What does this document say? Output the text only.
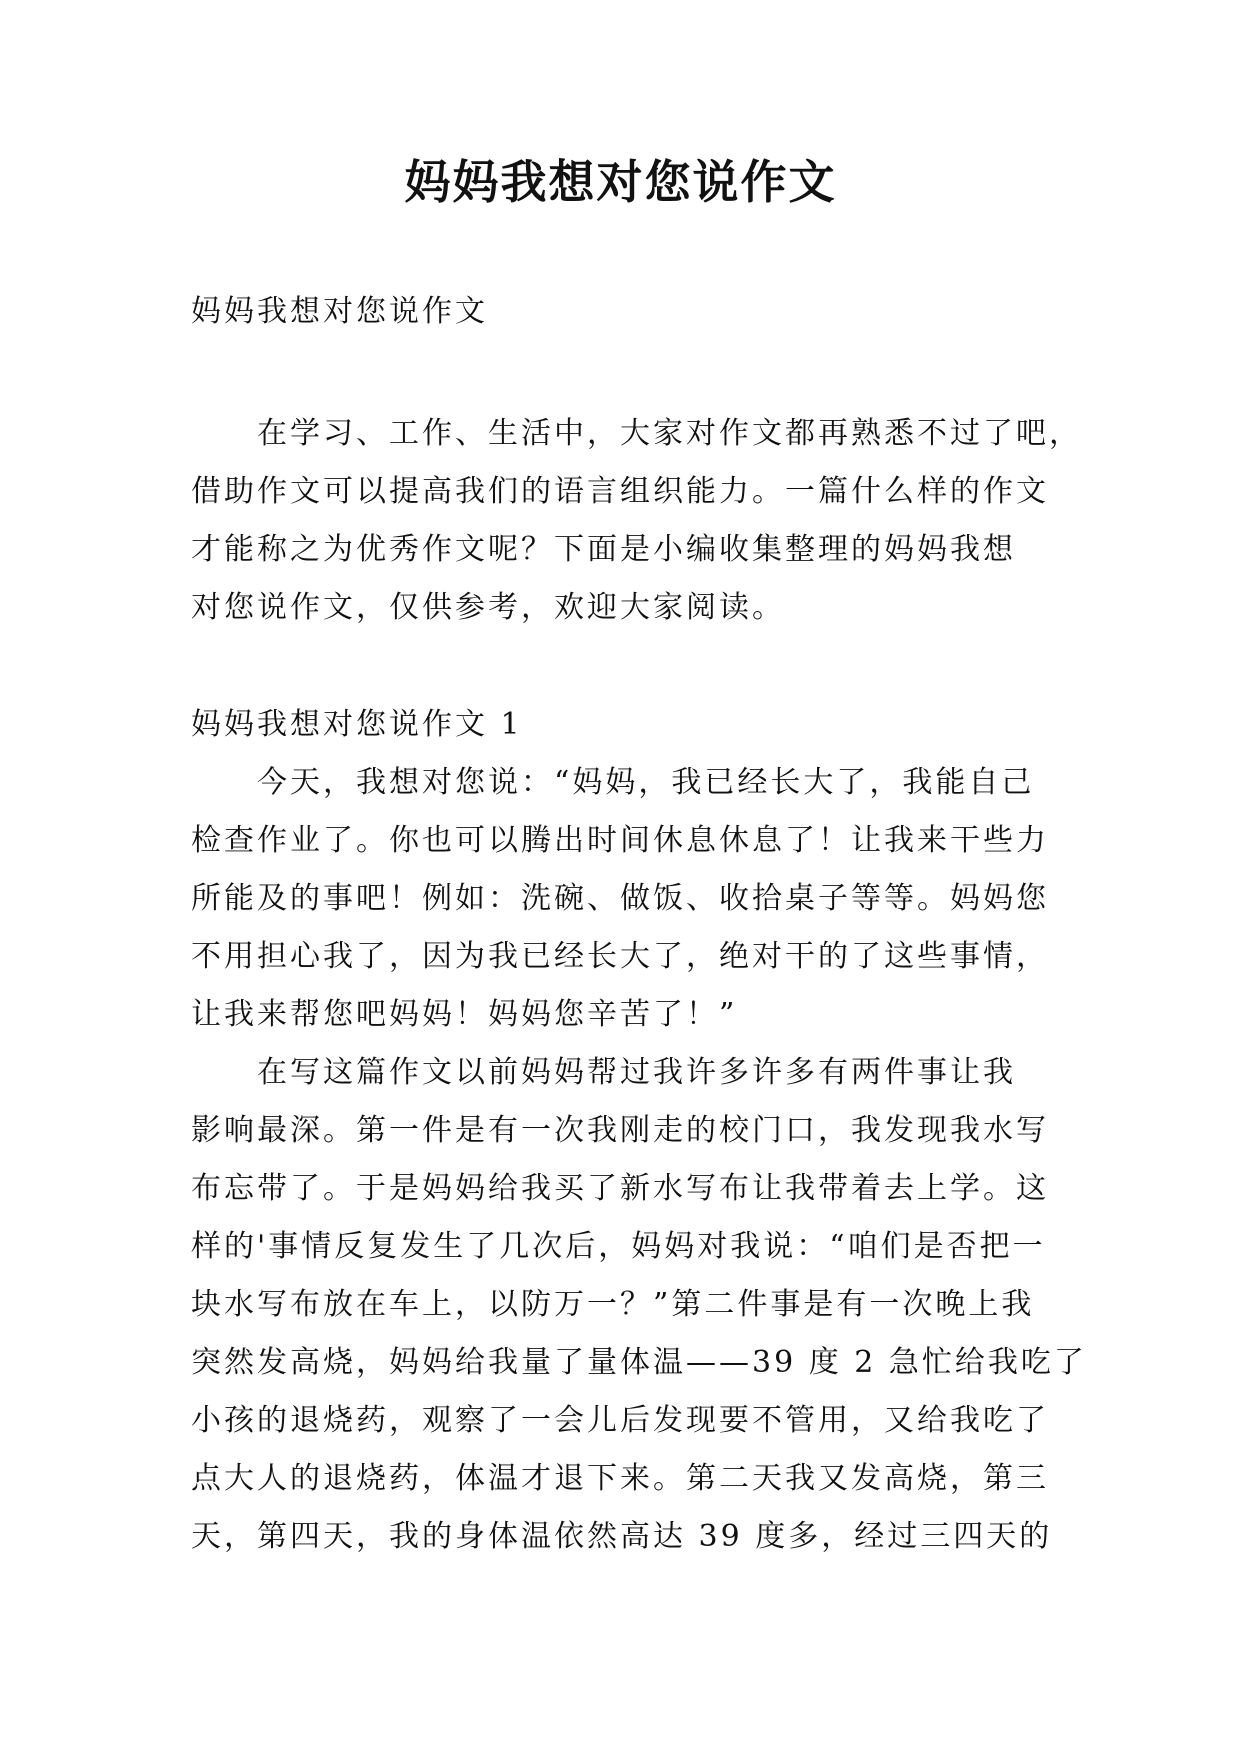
妈妈我想对您说作文

妈妈我想对您说作文

在学习、工作、生活中，大家对作文都再熟悉不过了吧，
借助作文可以提高我们的语言组织能力。一篇什么样的作文
才能称之为优秀作文呢？下面是小编收集整理的妈妈我想
对您说作文，仅供参考，欢迎大家阅读。
妈妈我想对您说作文 1
今天，我想对您说：“妈妈，我已经长大了，我能自己
检查作业了。你也可以腾出时间休息休息了！让我来干些力
所能及的事吧！例如：洗碗、做饭、收拾桌子等等。妈妈您
不用担心我了，因为我已经长大了，绝对干的了这些事情，
让我来帮您吧妈妈！妈妈您辛苦了！”
在写这篇作文以前妈妈帮过我许多许多有两件事让我
影响最深。第一件是有一次我刚走的校门口，我发现我水写
布忘带了。于是妈妈给我买了新水写布让我带着去上学。这
样的'事情反复发生了几次后，妈妈对我说：“咱们是否把一
块水写布放在车上，以防万一？”第二件事是有一次晚上我
突然发高烧，妈妈给我量了量体温——39 度 2 急忙给我吃了
小孩的退烧药，观察了一会儿后发现要不管用，又给我吃了
点大人的退烧药，体温才退下来。第二天我又发高烧，第三
天，第四天，我的身体温依然高达 39 度多，经过三四天的
